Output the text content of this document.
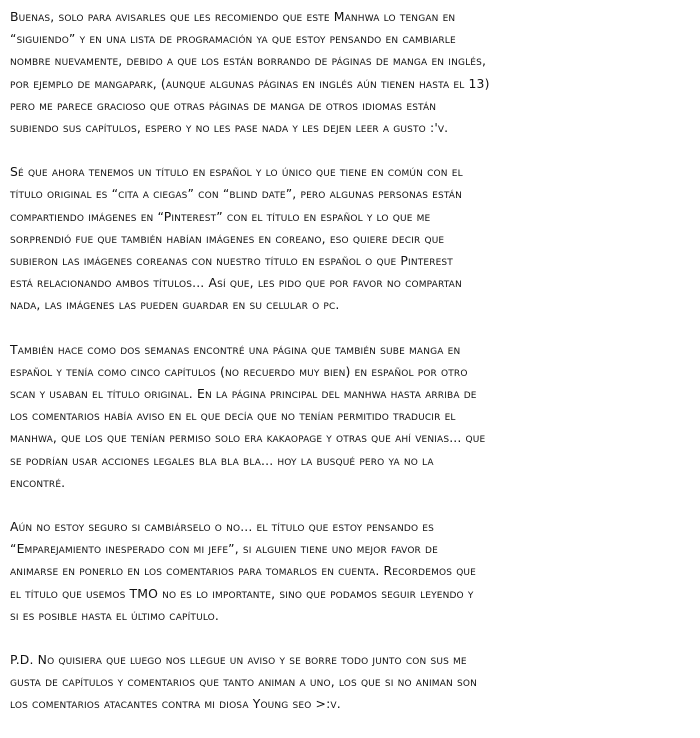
Buenas, solo para avisarles que les recomiendo que este Manhwa lo tengan en
“siguiendo” y en una lista de programación ya que estoy pensando en cambiarle
nombre nuevamente, debido a que los están borrando de páginas de manga en inglés,
por ejemplo de mangapark, (aunque algunas páginas en inglés aún tienen hasta el 13)
pero me parece gracioso que otras páginas de manga de otros idiomas están
subiendo sus capítulos, espero y no les pase nada y les dejen leer a gusto :'v.
Sé que ahora tenemos un título en español y lo único que tiene en común con el
título original es “cita a ciegas” con “blind date”, pero algunas personas están
compartiendo imágenes en “Pinterest” con el título en español y lo que me
sorprendió fue que también habían imágenes en coreano, eso quiere decir que
subieron las imágenes coreanas con nuestro título en español o que Pinterest
está relacionando ambos títulos... Así que, les pido que por favor no compartan
nada, las imágenes las pueden guardar en su celular o pc.
También hace como dos semanas encontré una página que también sube manga en
español y tenía como cinco capítulos (no recuerdo muy bien) en español por otro
scan y usaban el título original. En la página principal del manhwa hasta arriba de
los comentarios había aviso en el que decía que no tenían permitido traducir el
manhwa, que los que tenían permiso solo era kakaopage y otras que ahí venias... que
se podrían usar acciones legales bla bla bla... hoy la busqué pero ya no la
encontré.
Aún no estoy seguro si cambiárselo o no... el título que estoy pensando es
“Emparejamiento inesperado con mi jefe”, si alguien tiene uno mejor favor de
animarse en ponerlo en los comentarios para tomarlos en cuenta. Recordemos que
el título que usemos TMO no es lo importante, sino que podamos seguir leyendo y
si es posible hasta el último capítulo.
P.D. No quisiera que luego nos llegue un aviso y se borre todo junto con sus me
gusta de capítulos y comentarios que tanto animan a uno, los que si no animan son
los comentarios atacantes contra mi diosa Young seo >:v.
